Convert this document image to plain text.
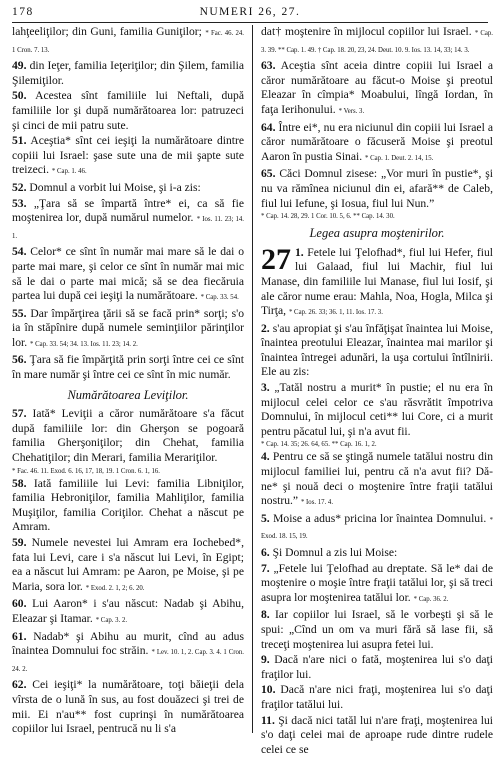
NUMERI 26, 27.
178
lahţeeliţilor; din Guni, familia Guniţilor; * Fac. 46. 24. 1 Cron. 7. 13.
49. din Ieţer, familia Ieţeriţilor; din Şilem, familia Şilemiţilor.
50. Acestea sînt familiile lui Neftali, după familiile lor şi după numărătoarea lor: patruzeci şi cinci de mii patru sute.
51. Aceştia* sînt cei ieşiţi la numărătoare dintre copiii lui Israel: şase sute una de mii şapte sute treizeci. * Cap. 1. 46.
52. Domnul a vorbit lui Moise, şi i-a zis:
53. „Ţara să se împartă între* ei, ca să fie moştenirea lor, după numărul numelor. * Ios. 11. 23; 14. 1.
54. Celor* ce sînt în număr mai mare să le dai o parte mai mare, şi celor ce sînt în număr mai mic să le dai o parte mai mică; să se dea fiecăruia partea lui după cei ieşiţi la numărătoare. * Cap. 33. 54.
55. Dar împărţirea ţării să se facă prin* sorţi; s'o ia în stăpînire după numele seminţiilor părinţilor lor. * Cap. 33. 54; 34. 13. Ios. 11. 23; 14. 2.
56. Ţara să fie împărţită prin sorţi între cei ce sînt în mare număr şi între cei ce sînt în mic număr.
Numărătoarea Leviţilor.
57. Iată* Leviţii a căror numărătoare s'a făcut după familiile lor: din Gherşon se pogoară familia Gherşoniţilor; din Chehat, familia Chehatiţilor; din Merari, familia Merariţilor.
* Fac. 46. 11. Exod. 6. 16, 17, 18, 19. 1 Cron. 6. 1, 16.
58. Iată familiile lui Levi: familia Libniţilor, familia Hebroniţilor, familia Mahliţilor, familia Muşiţilor, familia Coriţilor. Chehat a născut pe Amram.
59. Numele nevestei lui Amram era Iochebed*, fata lui Levi, care i s'a născut lui Levi, în Egipt; ea a născut lui Amram: pe Aaron, pe Moise, şi pe Maria, sora lor. * Exod. 2. 1, 2; 6. 20.
60. Lui Aaron* i s'au născut: Nadab şi Abihu, Eleazar şi Itamar. * Cap. 3. 2.
61. Nadab* şi Abihu au murit, cînd au adus înaintea Domnului foc străin. * Lev. 10. 1, 2. Cap. 3. 4. 1 Cron. 24. 2.
62. Cei ieşiţi* la numărătoare, toţi băieţii dela vîrsta de o lună în sus, au fost douăzeci şi trei de mii. Ei n'au** fost cuprinşi în numărătoarea copiilor lui Israel, pentrucă nu li s'a
dat† moştenire în mijlocul copiilor lui Israel. * Cap. 3. 39. ** Cap. 1. 49. † Cap. 18. 20, 23, 24. Deut. 10. 9. Ios. 13. 14, 33; 14. 3.
63. Aceştia sînt aceia dintre copiii lui Israel a căror numărătoare au făcut-o Moise şi preotul Eleazar în cîmpia* Moabului, lîngă Iordan, în faţa Ierihonului. * Vers. 3.
64. Între ei*, nu era niciunul din copiii lui Israel a căror numărătoare o făcuseră Moise şi preotul Aaron în pustia Sinai. * Cap. 1. Deut. 2. 14, 15.
65. Căci Domnul zisese: „Vor muri în pustie*, şi nu va rămînea niciunul din ei, afară** de Caleb, fiul lui Iefune, şi Iosua, fiul lui Nun.”
* Cap. 14. 28, 29. 1 Cor. 10. 5, 6. ** Cap. 14. 30.
Legea asupra moştenirilor.
27 1. Fetele lui Ţelofhad*, fiul lui Hefer, fiul lui Galaad, fiul lui Machir, fiul lui Manase, din familiile lui Manase, fiul lui Iosif, şi ale căror nume erau: Mahla, Noa, Hogla, Milca şi Tirţa, * Cap. 26. 33; 36. 1, 11. Ios. 17. 3.
2. s'au apropiat şi s'au înfăţişat înaintea lui Moise, înaintea preotului Eleazar, înaintea mai marilor şi înaintea întregei adunări, la uşa cortului întîlnirii. Ele au zis:
3. „Tatăl nostru a murit* în pustie; el nu era în mijlocul celei celor ce s'au răsvrătit împotriva Domnului, în mijlocul ceti** lui Core, ci a murit pentru păcatul lui, şi n'a avut fii.
* Cap. 14. 35; 26. 64, 65. ** Cap. 16. 1, 2.
4. Pentru ce să se ştingă numele tatălui nostru din mijlocul familiei lui, pentru că n'a avut fii? Dă-ne* şi nouă deci o moştenire între fraţii tatălui nostru.” * Ios. 17. 4.
5. Moise a adus* pricina lor înaintea Domnului. * Exod. 18. 15, 19.
6. Şi Domnul a zis lui Moise:
7. „Fetele lui Ţelofhad au dreptate. Să le* dai de moştenire o moşie între fraţii tatălui lor, şi să treci asupra lor moştenirea tatălui lor. * Cap. 36. 2.
8. Iar copiilor lui Israel, să le vorbeşti şi să le spui: „Cînd un om va muri fără să lase fii, să treceţi moştenirea lui asupra fetei lui.
9. Dacă n'are nici o fată, moştenirea lui s'o daţi fraţilor lui.
10. Dacă n'are nici fraţi, moştenirea lui s'o daţi fraţilor tatălui lui.
11. Şi dacă nici tatăl lui n'are fraţi, moştenirea lui s'o daţi celei mai de aproape rude dintre rudele celei ce se
